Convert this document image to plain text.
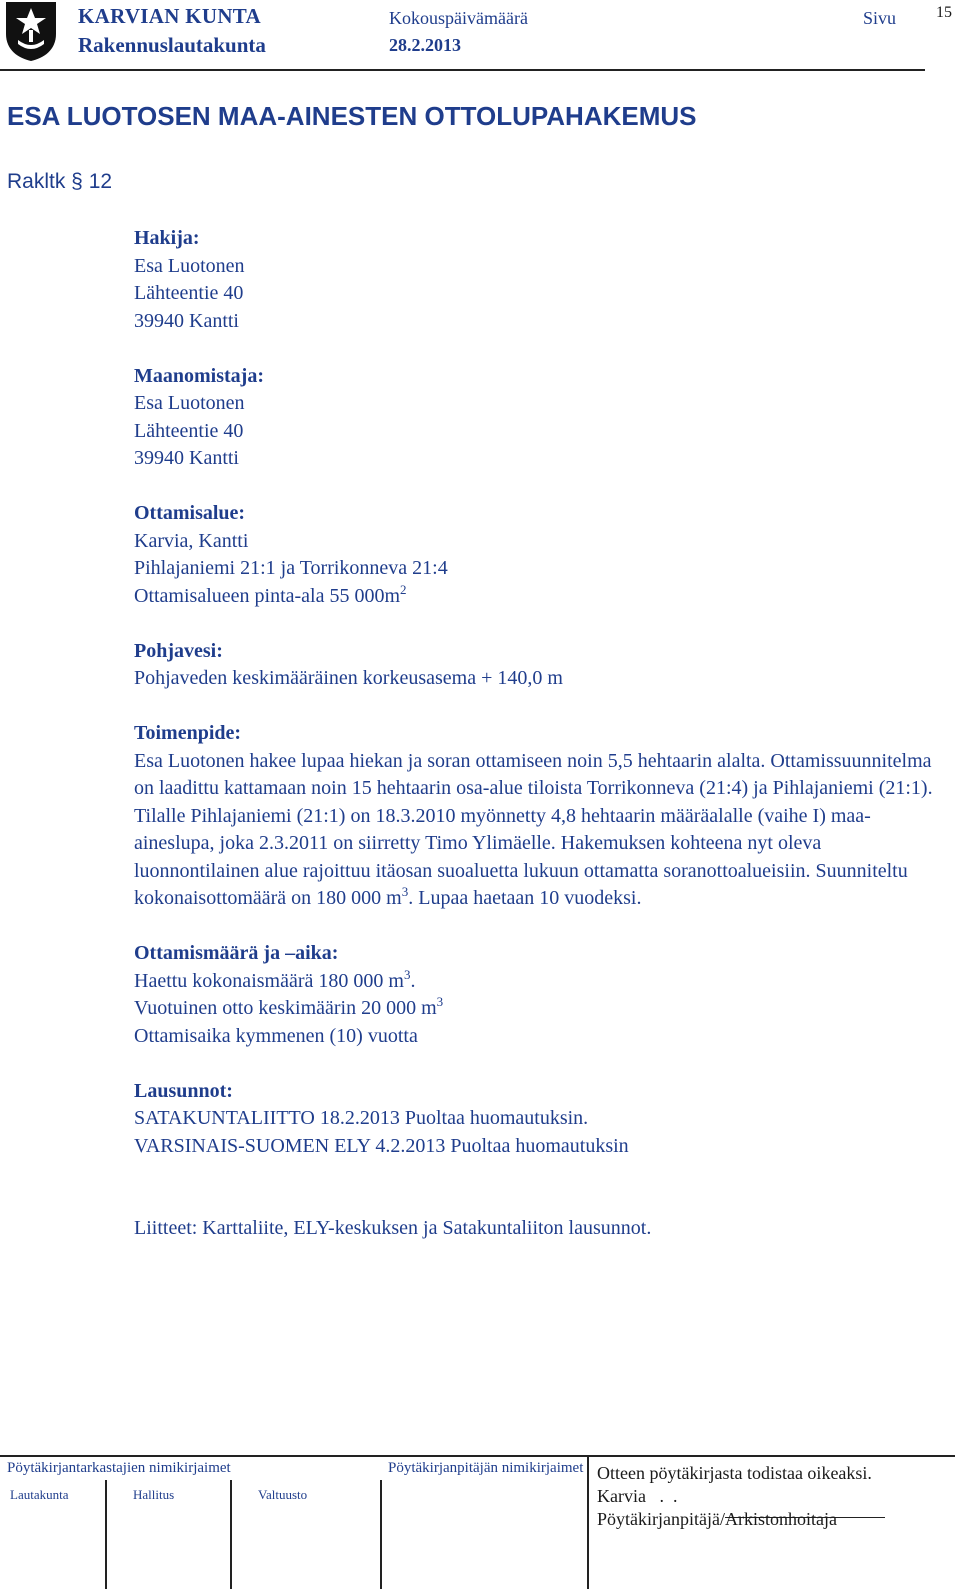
KARVIAN KUNTA
Rakennuslautakunta
Kokouspäivämäärä
28.2.2013
Sivu 15
ESA LUOTOSEN MAA-AINESTEN OTTOLUPAHAKEMUS
Rakltk § 12
Hakija:
Esa Luotonen
Lähteentie 40
39940 Kantti
Maanomistaja:
Esa Luotonen
Lähteentie 40
39940 Kantti
Ottamisalue:
Karvia, Kantti
Pihlajaniemi 21:1 ja Torrikonneva 21:4
Ottamisalueen pinta-ala 55 $000m^2$
Pohjavesi:
Pohjaveden keskimääräinen korkeusasema + 140,0 m
Toimenpide:
Esa Luotonen hakee lupaa hiekan ja soran ottamiseen noin 5,5 hehtaarin alalta. Ottamissuunnitelma on laadittu kattamaan noin 15 hehtaarin osa-alue tiloista Torrikonneva (21:4) ja Pihlajaniemi (21:1). Tilalle Pihlajaniemi (21:1) on 18.3.2010 myönnetty 4,8 hehtaarin määräalalle (vaihe I) maa-aineslupa, joka 2.3.2011 on siirretty Timo Ylimäelle. Hakemuksen kohteena nyt oleva luonnontilainen alue rajoittuu itäosan suoaluetta lukuun ottamatta soranottoalueisiin. Suunniteltu kokonaisottomäärä on 180 000 $m^3$. Lupaa haetaan 10 vuodeksi.
Ottamismäärä ja –aika:
Haettu kokonaismäärä 180 000 $m^3$.
Vuotuinen otto keskimäärin 20 000 $m^3$
Ottamisaika kymmenen (10) vuotta
Lausunnot:
SATAKUNTALIITTO 18.2.2013 Puoltaa huomautuksin.
VARSINAIS-SUOMEN ELY 4.2.2013 Puoltaa huomautuksin
Liitteet: Karttaliite, ELY-keskuksen ja Satakuntaliiton lausunnot.
Pöytäkirjantarkastajien nimikirjaimet	Pöytäkirjanpitäjän nimikirjaimet
Lautakunta	Hallitus	Valtuusto
Otteen pöytäkirjasta todistaa oikeaksi.
Karvia   .  .
Pöytäkirjanpitäjä/Arkistonhoitaja
